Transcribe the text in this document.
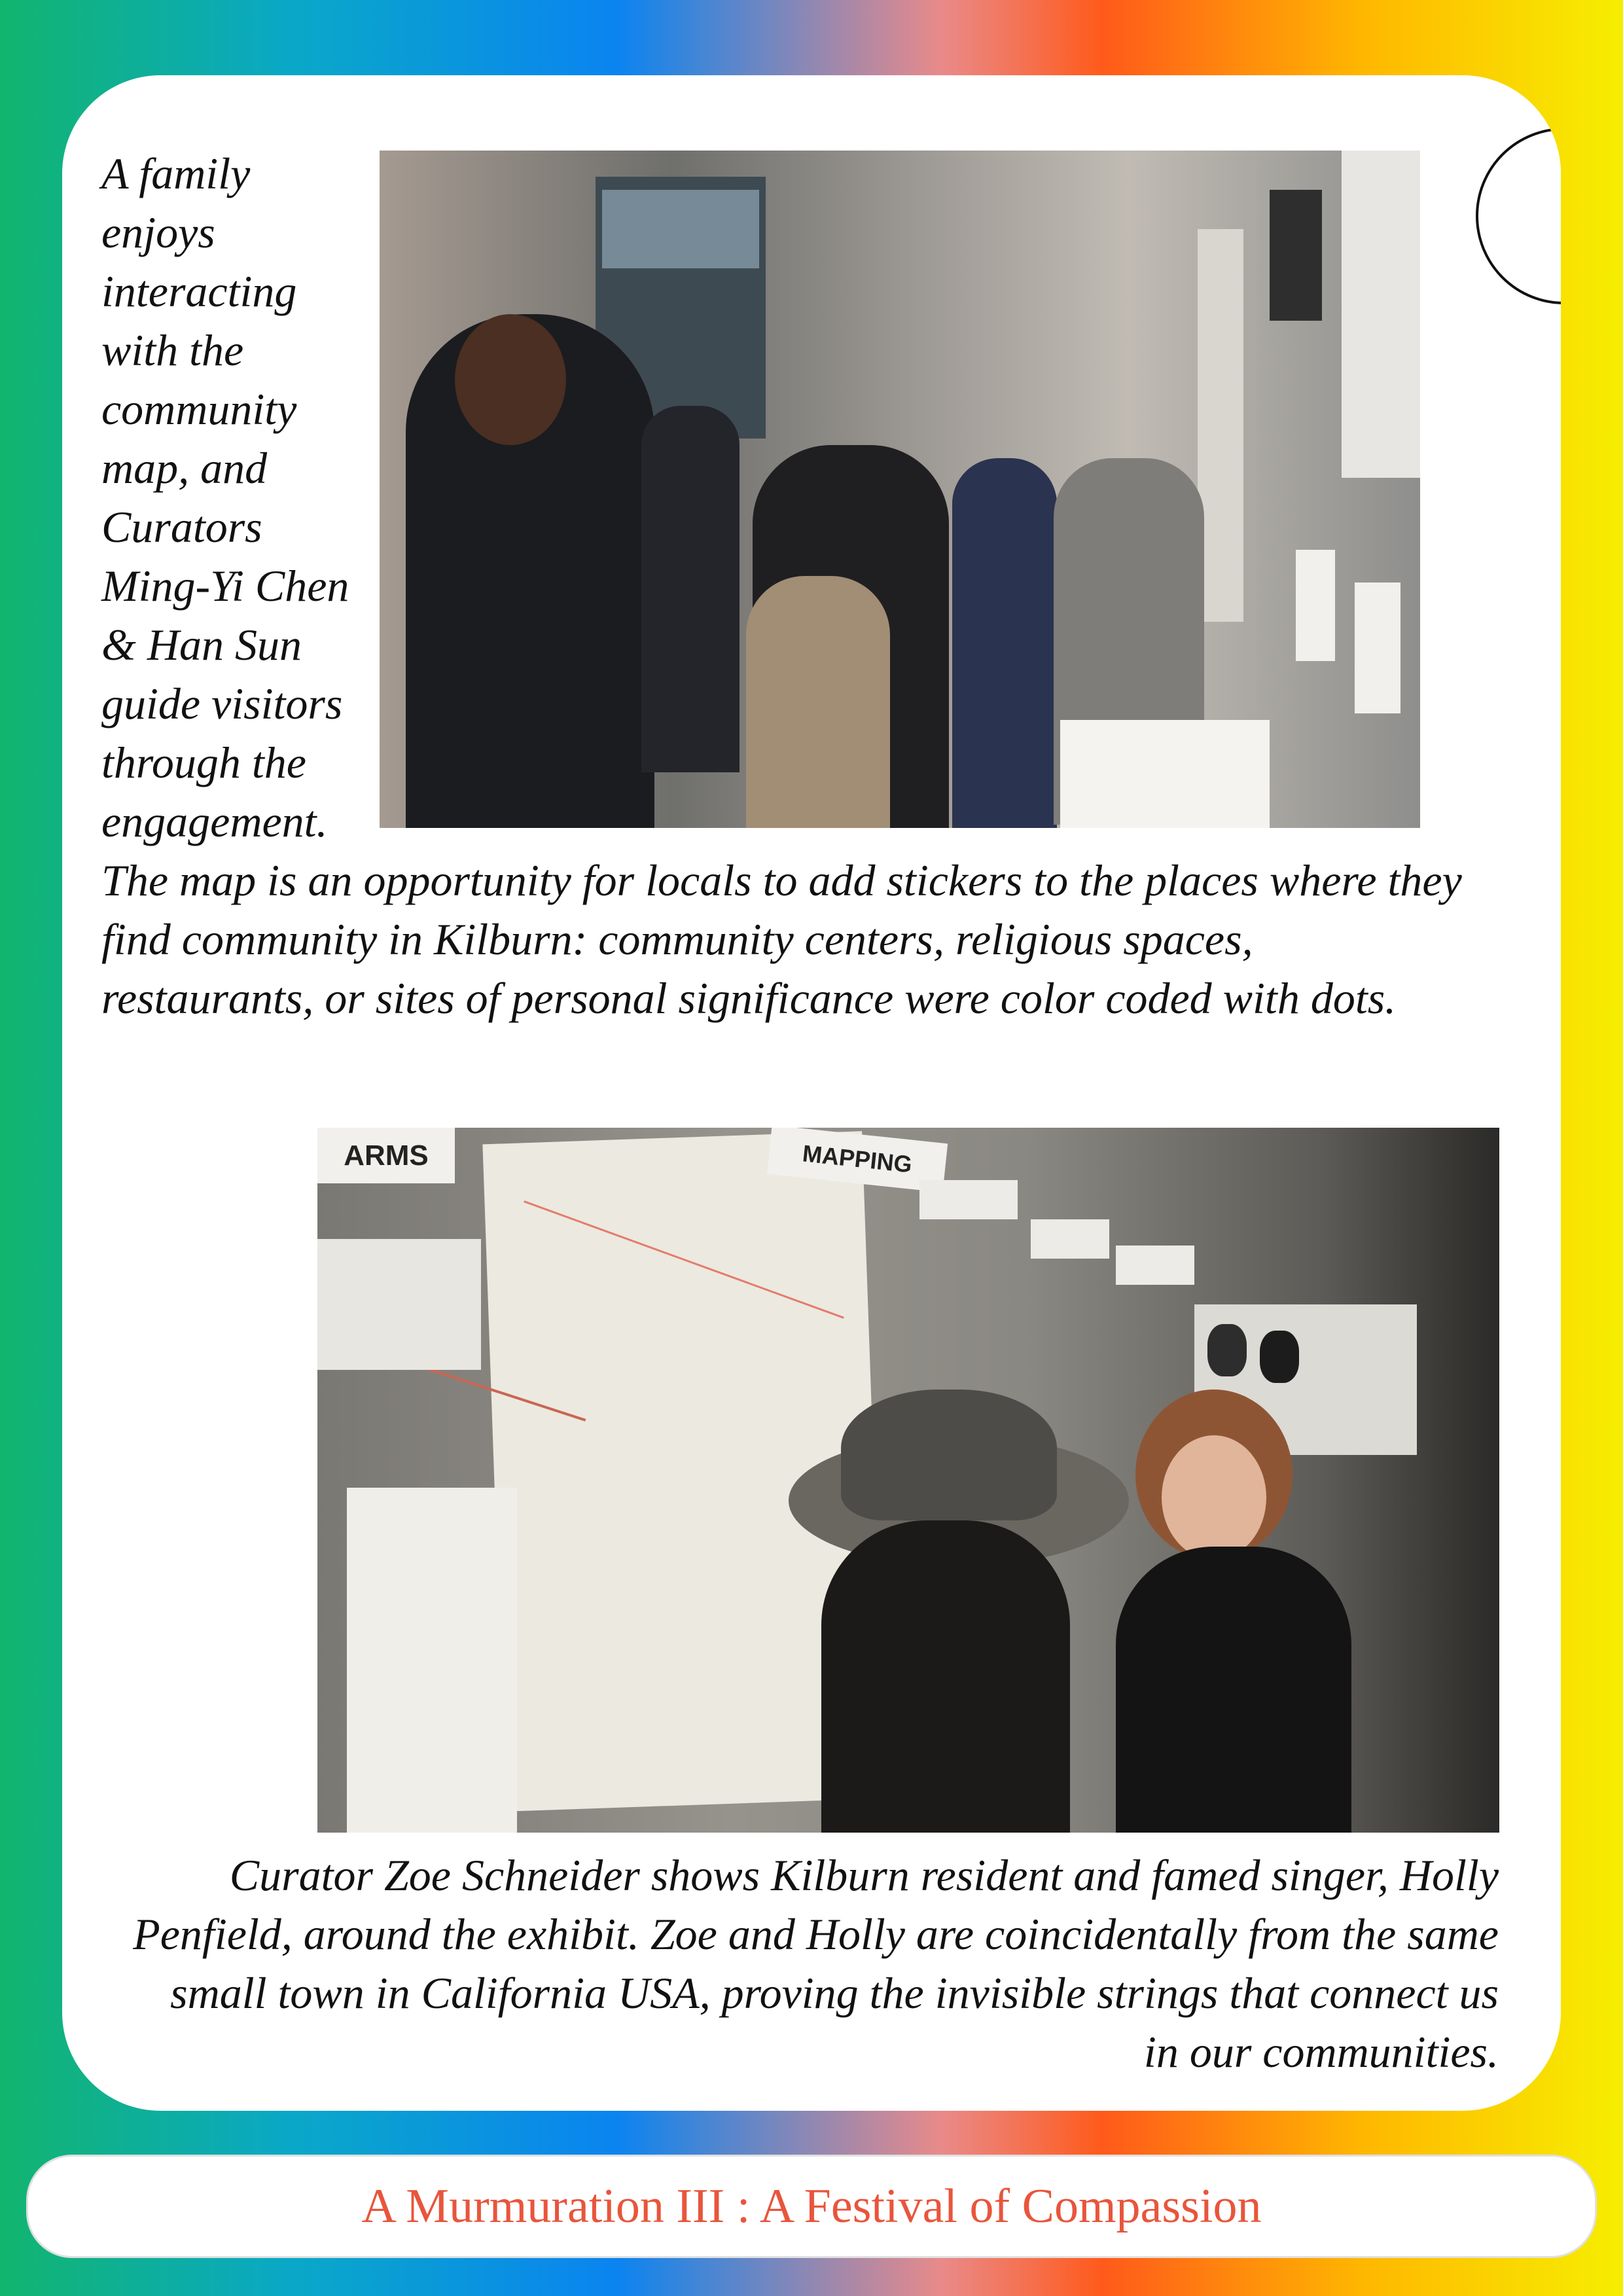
A family enjoys interacting with the community map, and Curators Ming-Yi Chen & Han Sun guide visitors through the engagement. The map is an opportunity for locals to add stickers to the places where they find community in Kilburn: community centers, religious spaces, restaurants, or sites of personal significance were color coded with dots.
ARMS	MAPPING
Curator Zoe Schneider shows Kilburn resident and famed singer, Holly Penfield, around the exhibit. Zoe and Holly are coincidentally from the same small town in California USA, proving the invisible strings that connect us in our communities.
A Murmuration III : A Festival of Compassion
